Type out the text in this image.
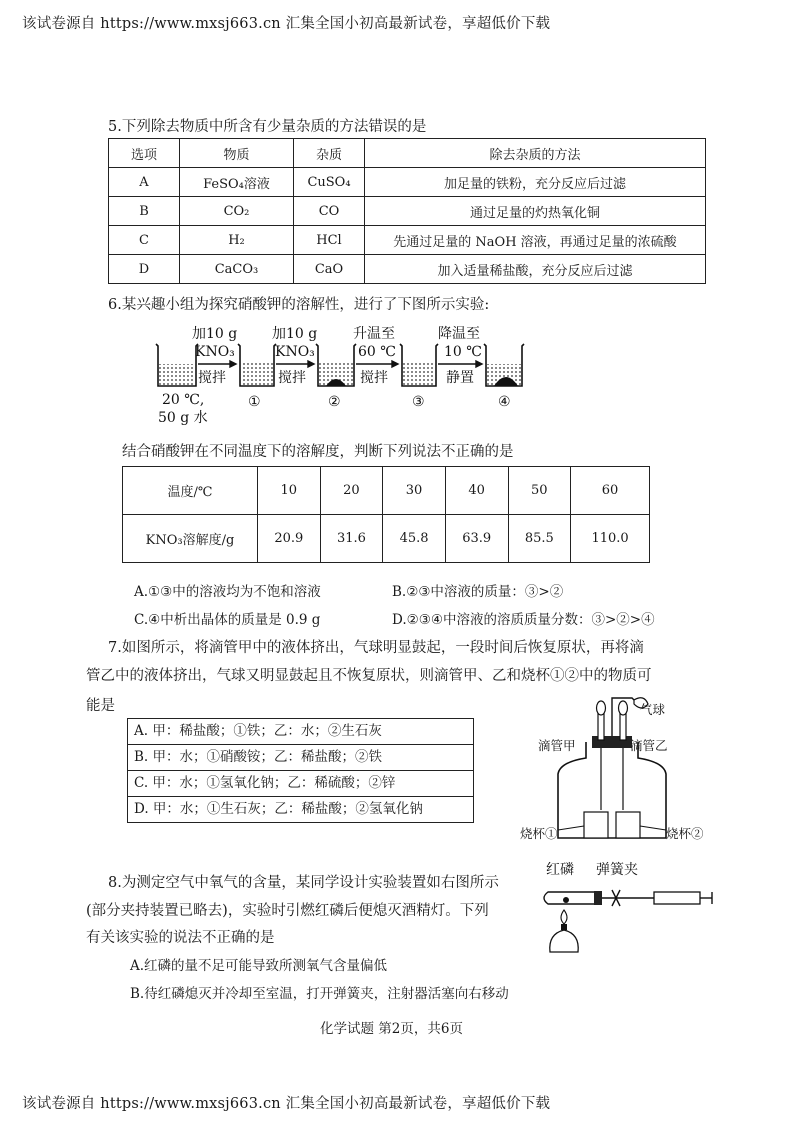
该试卷源自 https://www.mxsj663.cn 汇集全国小初高最新试卷，享超低价下载
5.下列除去物质中所含有少量杂质的方法错误的是
选项	物质	杂质	除去杂质的方法
A	FeSO₄溶液	CuSO₄	加足量的铁粉，充分反应后过滤
B	CO₂	CO	通过足量的灼热氧化铜
C	H₂	HCl	先通过足量的 NaOH 溶液，再通过足量的浓硫酸
D	CaCO₃	CaO	加入适量稀盐酸，充分反应后过滤
6.某兴趣小组为探究硝酸钾的溶解性，进行了下图所示实验:
加10 g
KNO₃
搅拌
加10 g
KNO₃
搅拌
升温至
60 ℃
搅拌
降温至
10 ℃
静置
20 ℃,
50 g 水
①	②	③	④
结合硝酸钾在不同温度下的溶解度，判断下列说法不正确的是
温度/℃	10	20	30	40	50	60
KNO₃溶解度/g	20.9	31.6	45.8	63.9	85.5	110.0
A.①③中的溶液均为不饱和溶液	B.②③中溶液的质量：③>②
C.④中析出晶体的质量是 0.9 g	D.②③④中溶液的溶质质量分数：③>②>④
7.如图所示，将滴管甲中的液体挤出，气球明显鼓起，一段时间后恢复原状，再将滴
管乙中的液体挤出，气球又明显鼓起且不恢复原状，则滴管甲、乙和烧杯①②中的物质可
能是
A. 甲：稀盐酸；①铁；乙：水；②生石灰
B. 甲：水；①硝酸铵；乙：稀盐酸；②铁
C. 甲：水；①氢氧化钠；乙：稀硫酸；②锌
D. 甲：水；①生石灰；乙：稀盐酸；②氢氧化钠
气球
滴管甲	滴管乙
烧杯①	烧杯②
8.为测定空气中氧气的含量，某同学设计实验装置如右图所示
(部分夹持装置已略去)，实验时引燃红磷后便熄灭酒精灯。下列
有关该实验的说法不正确的是
A.红磷的量不足可能导致所测氧气含量偏低
B.待红磷熄灭并冷却至室温，打开弹簧夹，注射器活塞向右移动
红磷 弹簧夹
化学试题 第2页，共6页
该试卷源自 https://www.mxsj663.cn 汇集全国小初高最新试卷，享超低价下载
